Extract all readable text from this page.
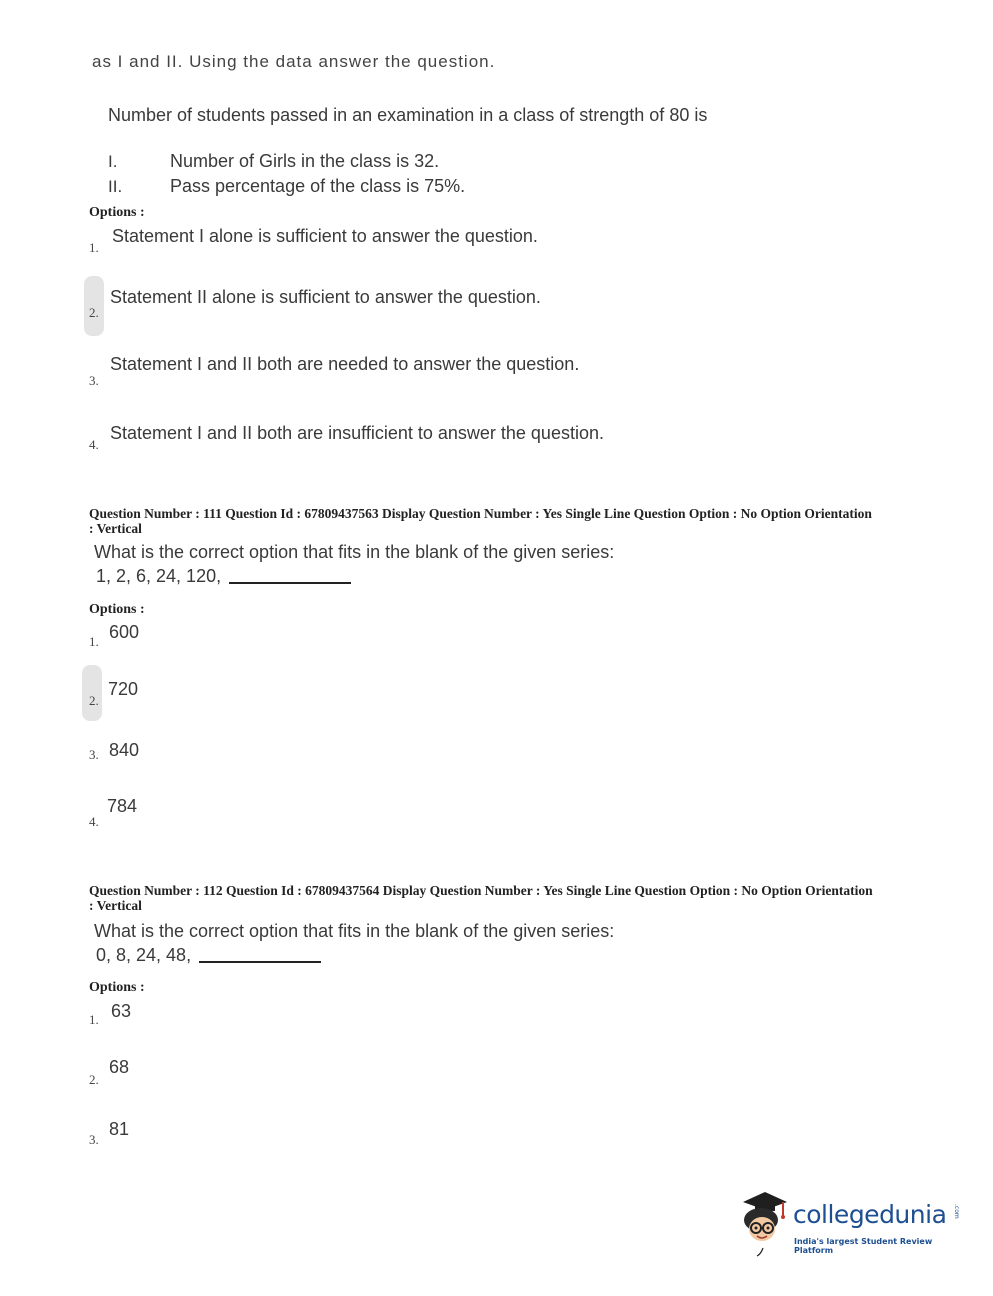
as I and II. Using the data answer the question.
Number of students passed in an examination in a class of strength of 80 is
I.	Number of Girls in the class is 32.
II.	Pass percentage of the class is 75%.
Options :
1.
Statement I alone is sufficient to answer the question.
2.
Statement II alone is sufficient to answer the question.
3.
Statement I and II both are needed to answer the question.
4.
Statement I and II both are insufficient to answer the question.
Question Number : 111 Question Id : 67809437563 Display Question Number : Yes Single Line Question Option : No Option Orientation : Vertical
What is the correct option that fits in the blank of the given series:
1, 2, 6, 24, 120,
Options :
1. 600
2.
720
3. 840
4.
784
Question Number : 112 Question Id : 67809437564 Display Question Number : Yes Single Line Question Option : No Option Orientation : Vertical
What is the correct option that fits in the blank of the given series:
0, 8, 24, 48,
Options :
1. 63
2.
68
3.
81
collegedunia .com
India's largest Student Review Platform
